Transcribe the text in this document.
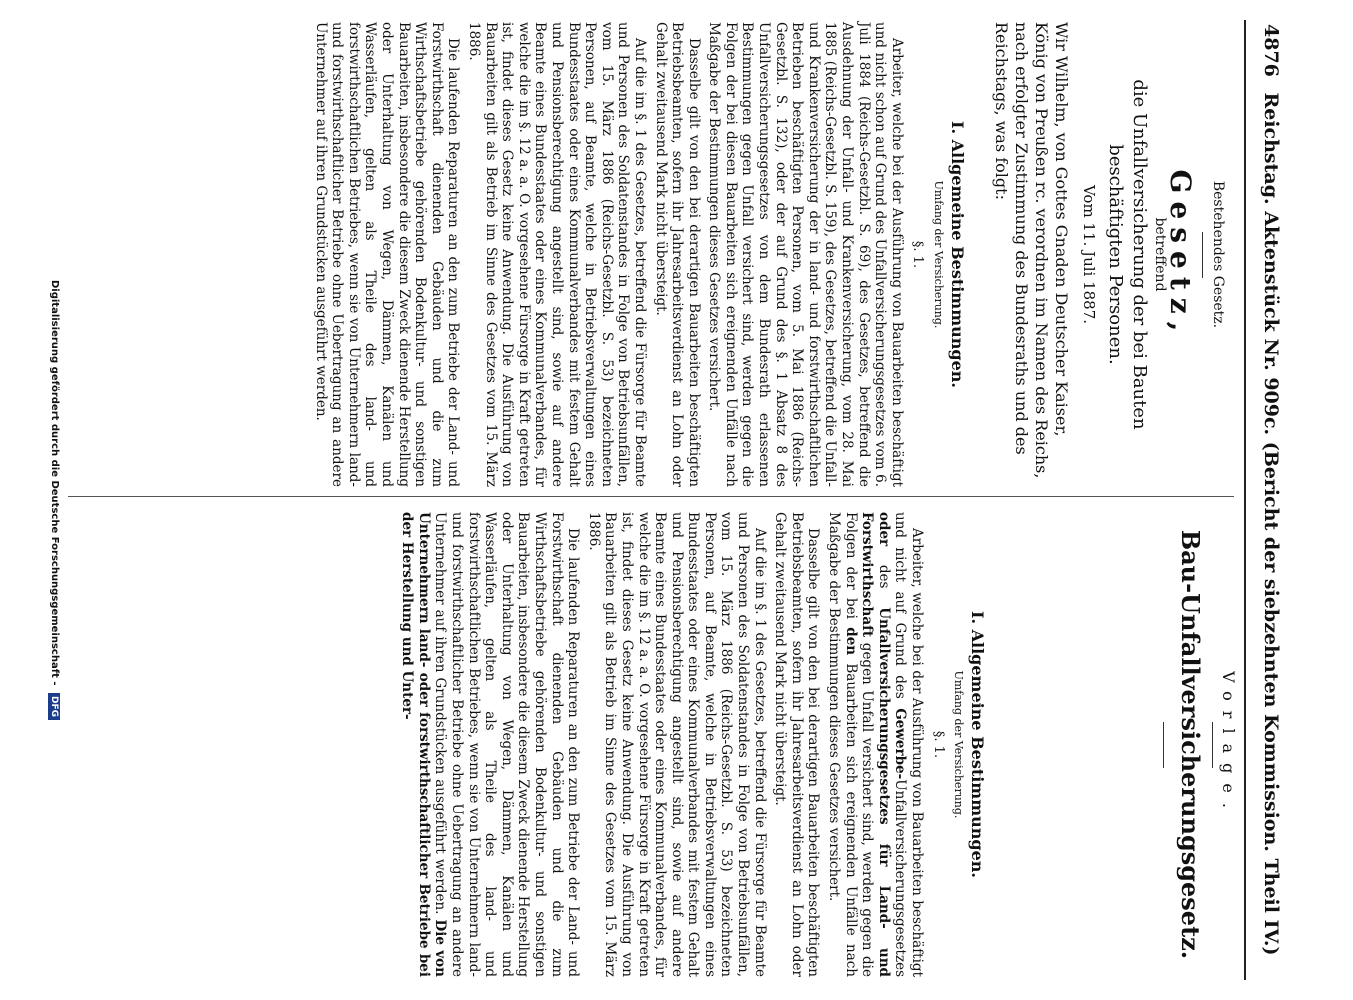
4876
Reichstag. Aktenstück Nr. 909c. (Bericht der siebzehnten Kommission. Theil IV.)
Bestehendes Gesetz.
Gesetz,
betreffend
die Unfallversicherung der bei Bauten beschäftigten Personen.
Vom 11. Juli 1887.
Wir Wilhelm, von Gottes Gnaden Deutscher Kaiser, König von Preußen rc. verordnen im Namen des Reichs, nach erfolgter Zustimmung des Bundesraths und des Reichstags, was folgt:
I. Allgemeine Bestimmungen.
Umfang der Versicherung.
§. 1.

Arbeiter, welche bei der Ausführung von Bauarbeiten beschäftigt und nicht schon auf Grund des Unfallversicherungsgesetzes vom 6. Juli 1884 (Reichs-Gesetzbl. S. 69), des Gesetzes, betreffend die Ausdehnung der Unfall- und Krankenversicherung, vom 28. Mai 1885 (Reichs-Gesetzbl. S. 159), des Gesetzes, betreffend die Unfall- und Krankenversicherung der in land- und forstwirthschaftlichen Betrieben beschäftigten Personen, vom 5. Mai 1886 (Reichs-Gesetzbl. S. 132), oder der auf Grund des §. 1 Absatz 8 des Unfallversicherungsgesetzes von dem Bundesrath erlassenen Bestimmungen gegen Unfall versichert sind, werden gegen die Folgen der bei diesen Bauarbeiten sich ereignenden Unfälle nach Maßgabe der Bestimmungen dieses Gesetzes versichert.

Dasselbe gilt von den bei derartigen Bauarbeiten beschäftigten Betriebsbeamten, sofern ihr Jahresarbeitsverdienst an Lohn oder Gehalt zweitausend Mark nicht übersteigt.

Auf die im §. 1 des Gesetzes, betreffend die Fürsorge für Beamte und Personen des Soldatenstandes in Folge von Betriebsunfällen, vom 15. März 1886 (Reichs-Gesetzbl. S. 53) bezeichneten Personen, auf Beamte, welche in Betriebsverwaltungen eines Bundesstaates oder eines Kommunalverbandes mit festem Gehalt und Pensionsberechtigung angestellt sind, sowie auf andere Beamte eines Bundesstaates oder eines Kommunalverbandes, für welche die im §. 12 a. a. O. vorgesehene Fürsorge in Kraft getreten ist, findet dieses Gesetz keine Anwendung. Die Ausführung von Bauarbeiten gilt als Betrieb im Sinne des Gesetzes vom 15. März 1886.

Die laufenden Reparaturen an den zum Betriebe der Land- und Forstwirthschaft dienenden Gebäuden und die zum Wirthschaftsbetriebe gehörenden Bodenkultur- und sonstigen Bauarbeiten, insbesondere die diesem Zweck dienende Herstellung oder Unterhaltung von Wegen, Dämmen, Kanälen und Wasserläufen, gelten als Theile des land- und forstwirthschaftlichen Betriebes, wenn sie von Unternehmern land- und forstwirthschaftlicher Betriebe ohne Uebertragung an andere Unternehmer auf ihren Grundstücken ausgeführt werden.

Vorlage.
Bau-Unfallversicherungsgesetz.
I. Allgemeine Bestimmungen.
Umfang der Versicherung.
§. 1.

Arbeiter, welche bei der Ausführung von Bauarbeiten beschäftigt und nicht auf Grund des Gewerbe-Unfallversicherungsgesetzes oder des Unfallversicherungsgesetzes für Land- und Forstwirthschaft gegen Unfall versichert sind, werden gegen die Folgen der bei den Bauarbeiten sich ereignenden Unfälle nach Maßgabe der Bestimmungen dieses Gesetzes versichert.

Dasselbe gilt von den bei derartigen Bauarbeiten beschäftigten Betriebsbeamten, sofern ihr Jahresarbeitsverdienst an Lohn oder Gehalt zweitausend Mark nicht übersteigt.

Auf die im §. 1 des Gesetzes, betreffend die Fürsorge für Beamte und Personen des Soldatenstandes in Folge von Betriebsunfällen, vom 15. März 1886 (Reichs-Gesetzbl. S. 53) bezeichneten Personen, auf Beamte, welche in Betriebsverwaltungen eines Bundesstaates oder eines Kommunalverbandes mit festem Gehalt und Pensionsberechtigung angestellt sind, sowie auf andere Beamte eines Bundesstaates oder eines Kommunalverbandes, für welche die im §. 12 a. a. O. vorgesehene Fürsorge in Kraft getreten ist, findet dieses Gesetz keine Anwendung. Die Ausführung von Bauarbeiten gilt als Betrieb im Sinne des Gesetzes vom 15. März 1886.

Die laufenden Reparaturen an den zum Betriebe der Land- und Forstwirthschaft dienenden Gebäuden und die zum Wirthschaftsbetriebe gehörenden Bodenkultur- und sonstigen Bauarbeiten, insbesondere die diesem Zweck dienende Herstellung oder Unterhaltung von Wegen, Dämmen, Kanälen und Wasserläufen, gelten als Theile des land- und forstwirthschaftlichen Betriebes, wenn sie von Unternehmern land- und forstwirthschaftlicher Betriebe ohne Uebertragung an andere Unternehmer auf ihren Grundstücken ausgeführt werden. Die von Unternehmern land- oder forstwirthschaftlicher Betriebe bei der Herstellung und Unter-

Digitalisierung gefördert durch die Deutsche Forschungsgemeinschaft - DFG
